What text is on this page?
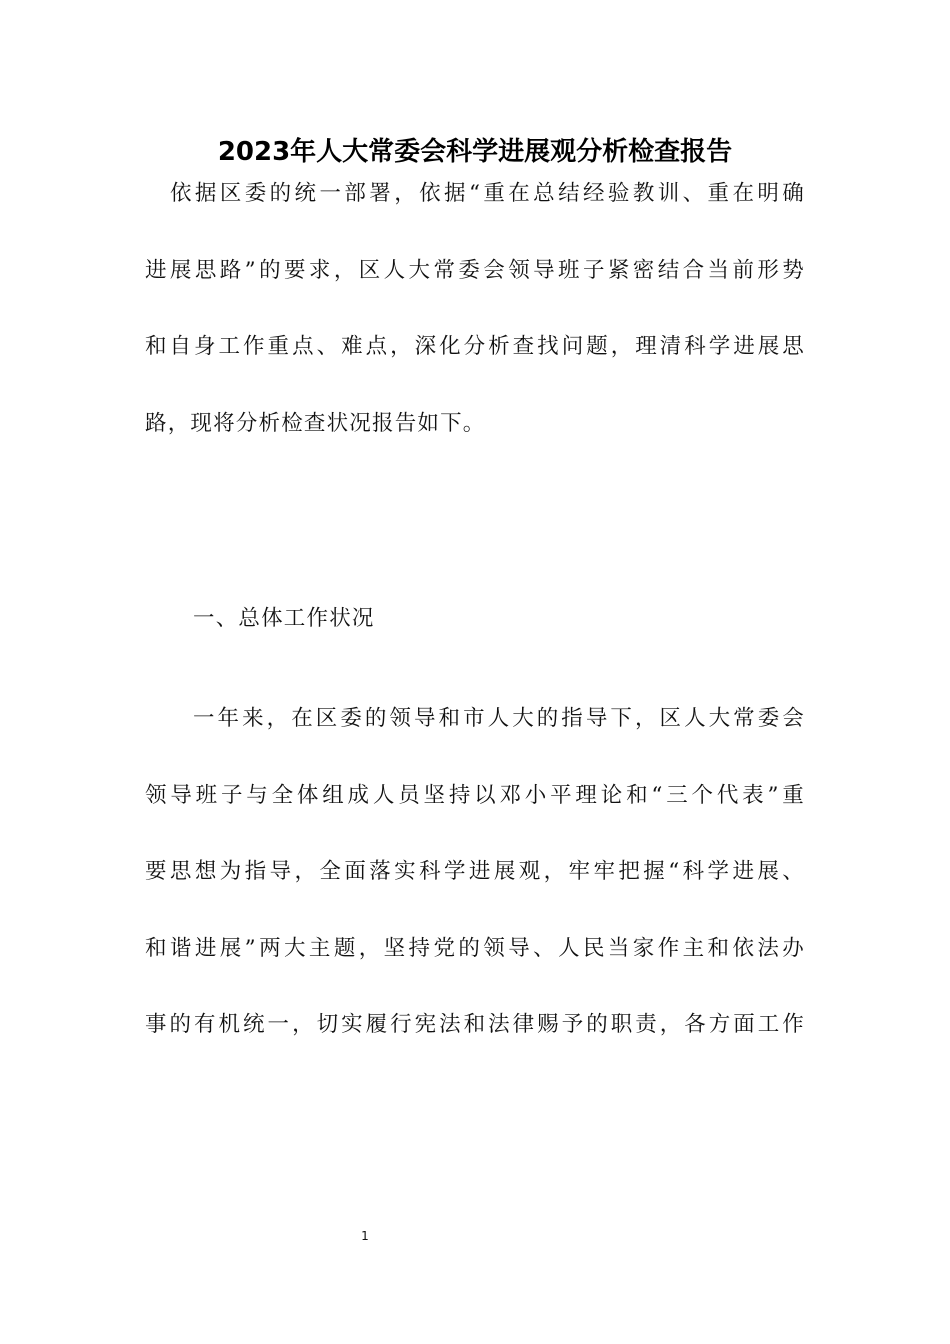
2023年人大常委会科学进展观分析检查报告
依据区委的统一部署，依据“重在总结经验教训、重在明确
进展思路”的要求，区人大常委会领导班子紧密结合当前形势
和自身工作重点、难点，深化分析查找问题，理清科学进展思
路，现将分析检查状况报告如下。
一、总体工作状况
一年来，在区委的领导和市人大的指导下，区人大常委会
领导班子与全体组成人员坚持以邓小平理论和“三个代表”重
要思想为指导，全面落实科学进展观，牢牢把握“科学进展、
和谐进展”两大主题，坚持党的领导、人民当家作主和依法办
事的有机统一，切实履行宪法和法律赐予的职责，各方面工作
1
